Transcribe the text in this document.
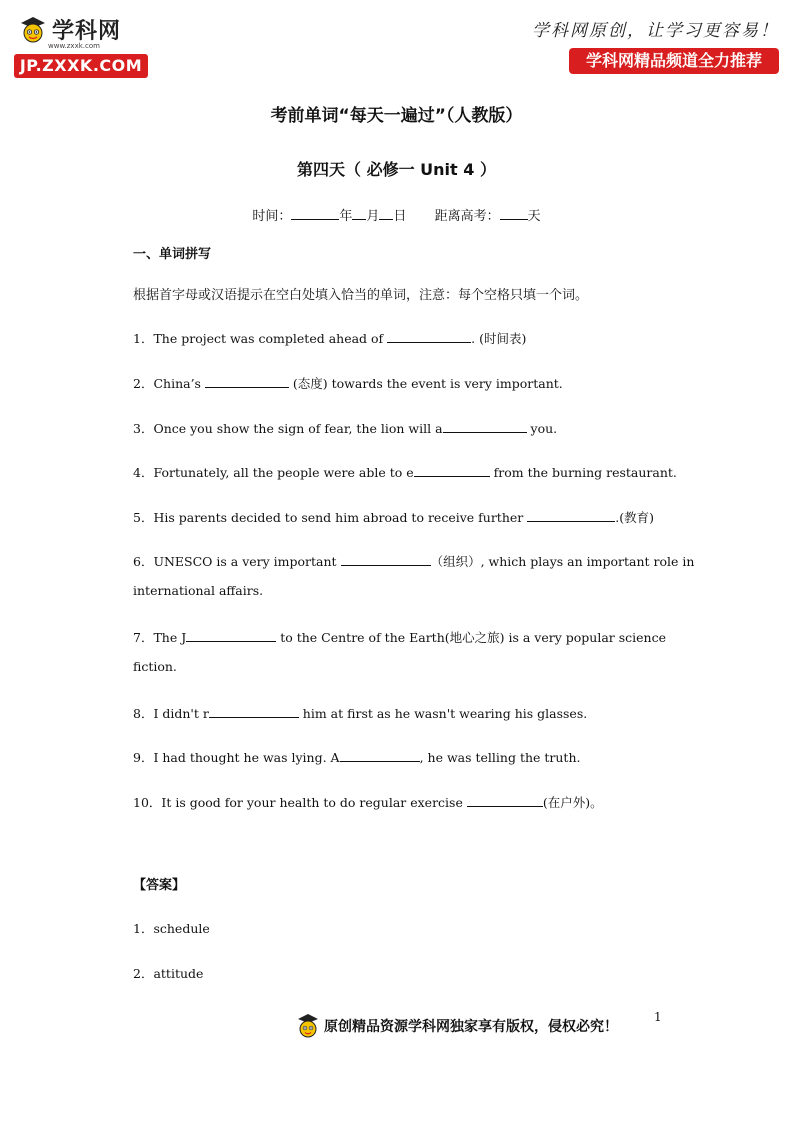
学科网
www.zxxk.com
JP.ZXXK.COM
学科网原创，让学习更容易！
学科网精品频道全力推荐
考前单词“每天一遍过”（人教版）
第四天（ 必修一 Unit 4 ）
时间：	年 月 日 距离高考： 天
一、单词拼写
根据首字母或汉语提示在空白处填入恰当的单词，注意：每个空格只填一个词。
1．The project was completed ahead of	. (时间表)
2．China’s	(态度) towards the event is very important.
3．Once you show the sign of fear, the lion will a	you.
4．Fortunately, all the people were able to e	from the burning restaurant.
5．His parents decided to send him abroad to receive further	.(教育)
6．UNESCO is a very important	（组织）, which plays an important role in
international affairs.
7．The J	to the Centre of the Earth(地心之旅) is a very popular science
fiction.
8．I didn't r	him at first as he wasn't wearing his glasses.
9．I had thought he was lying. A	, he was telling the truth.
10．It is good for your health to do regular exercise	(在户外)。
【答案】
1．schedule
2．attitude
1
原创精品资源学科网独家享有版权，侵权必究！
